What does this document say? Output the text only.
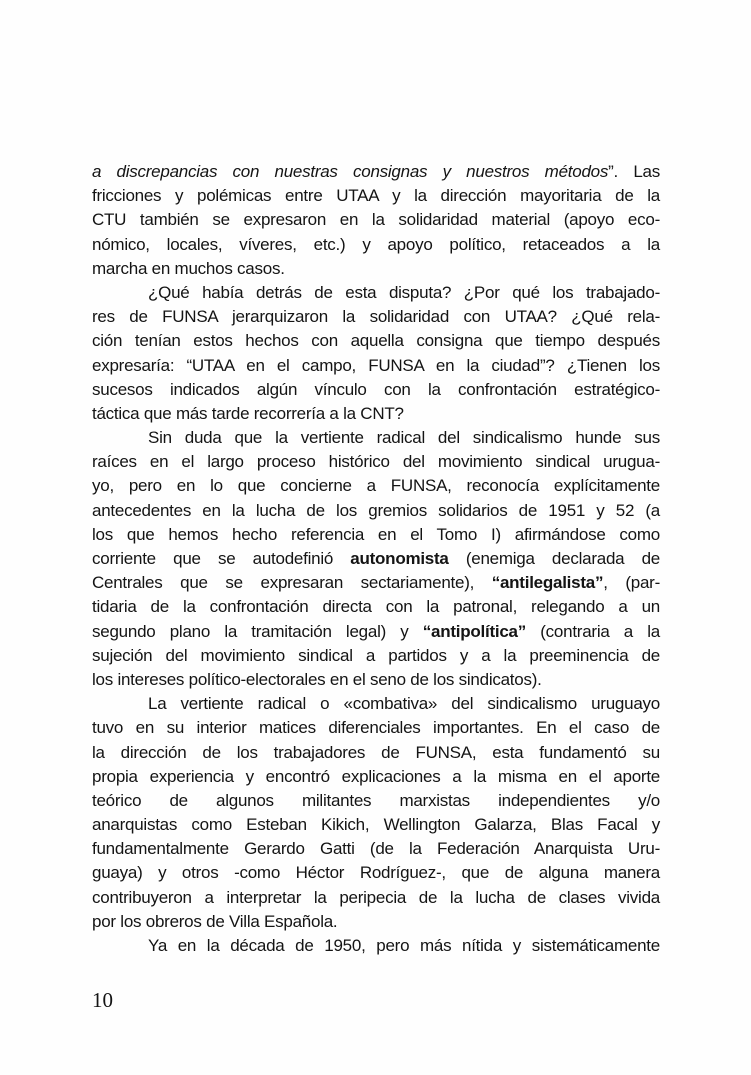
a discrepancias con nuestras consignas y nuestros métodos”. Las
fricciones y polémicas entre UTAA y la dirección mayoritaria de la
CTU también se expresaron en la solidaridad material (apoyo eco-
nómico, locales, víveres, etc.) y apoyo político, retaceados a la
marcha en muchos casos.
¿Qué había detrás de esta disputa? ¿Por qué los trabajado-
res de FUNSA jerarquizaron la solidaridad con UTAA? ¿Qué rela-
ción tenían estos hechos con aquella consigna que tiempo después
expresaría: “UTAA en el campo, FUNSA en la ciudad”? ¿Tienen los
sucesos indicados algún vínculo con la confrontación estratégico-
táctica que más tarde recorrería a la CNT?
Sin duda que la vertiente radical del sindicalismo hunde sus
raíces en el largo proceso histórico del movimiento sindical urugua-
yo, pero en lo que concierne a FUNSA, reconocía explícitamente
antecedentes en la lucha de los gremios solidarios de 1951 y 52 (a
los que hemos hecho referencia en el Tomo I) afirmándose como
corriente que se autodefinió autonomista (enemiga declarada de
Centrales que se expresaran sectariamente), “antilegalista”, (par-
tidaria de la confrontación directa con la patronal, relegando a un
segundo plano la tramitación legal) y “antipolítica” (contraria a la
sujeción del movimiento sindical a partidos y a la preeminencia de
los intereses político-electorales en el seno de los sindicatos).
La vertiente radical o «combativa» del sindicalismo uruguayo
tuvo en su interior matices diferenciales importantes. En el caso de
la dirección de los trabajadores de FUNSA, esta fundamentó su
propia experiencia y encontró explicaciones a la misma en el aporte
teórico de algunos militantes marxistas independientes y/o
anarquistas como Esteban Kikich, Wellington Galarza, Blas Facal y
fundamentalmente Gerardo Gatti (de la Federación Anarquista Uru-
guaya) y otros -como Héctor Rodríguez-, que de alguna manera
contribuyeron a interpretar la peripecia de la lucha de clases vivida
por los obreros de Villa Española.
Ya en la década de 1950, pero más nítida y sistemáticamente
10
